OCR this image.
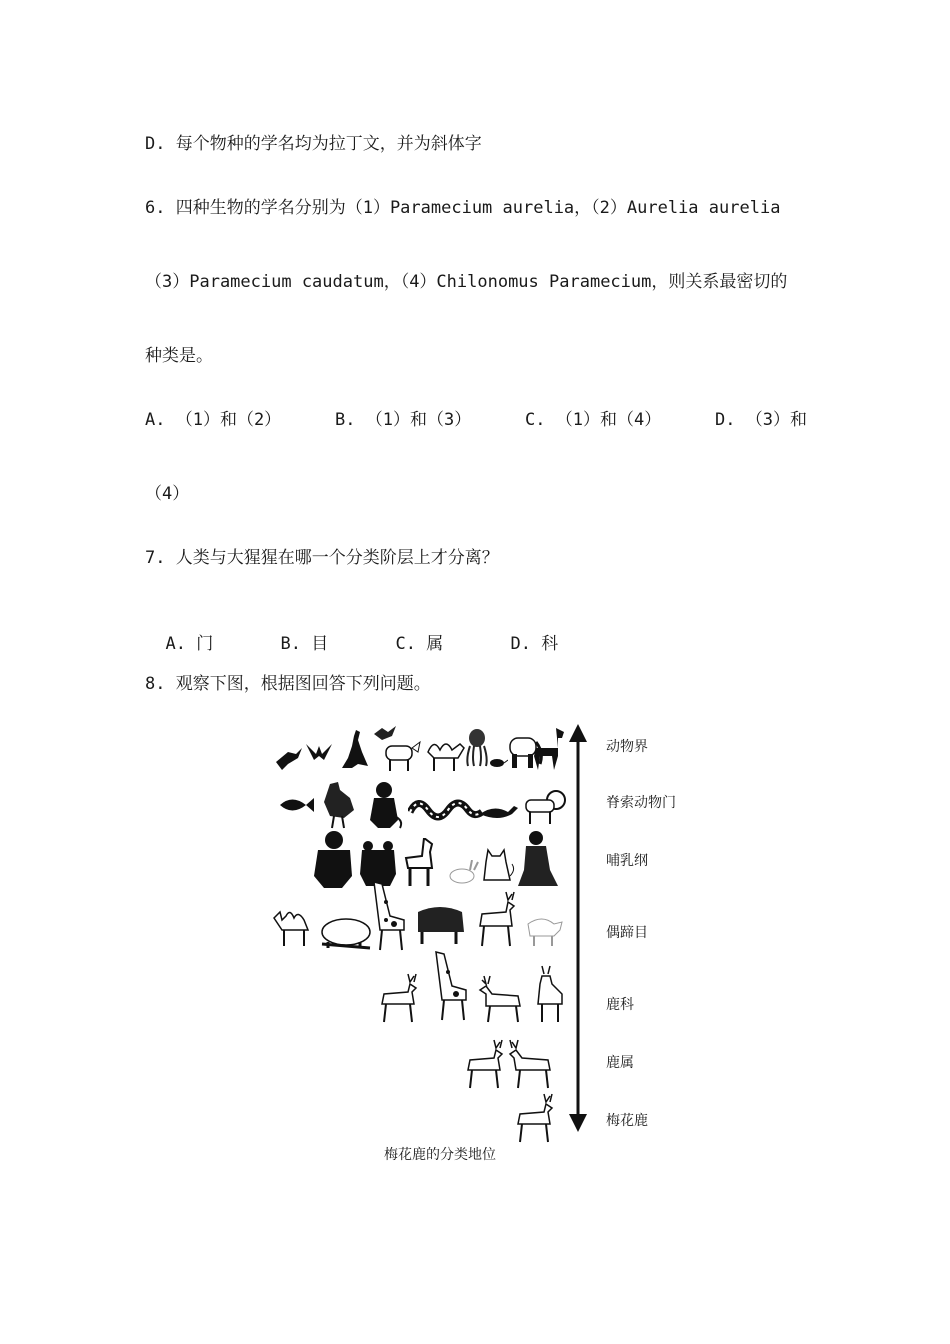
D. 每个物种的学名均为拉丁文，并为斜体字
6. 四种生物的学名分别为（1）Paramecium aurelia，（2）Aurelia aurelia
（3）Paramecium caudatum，（4）Chilonomus Paramecium，则关系最密切的
种类是。
A. （1）和（2）	B. （1）和（3）	C. （1）和（4）	D. （3）和
（4）
7. 人类与大猩猩在哪一个分类阶层上才分离？

A. 门	B. 目	C. 属	D. 科

8. 观察下图，根据图回答下列问题。
动物界
脊索动物门
哺乳纲
偶蹄目
鹿科
鹿属
梅花鹿
梅花鹿的分类地位
